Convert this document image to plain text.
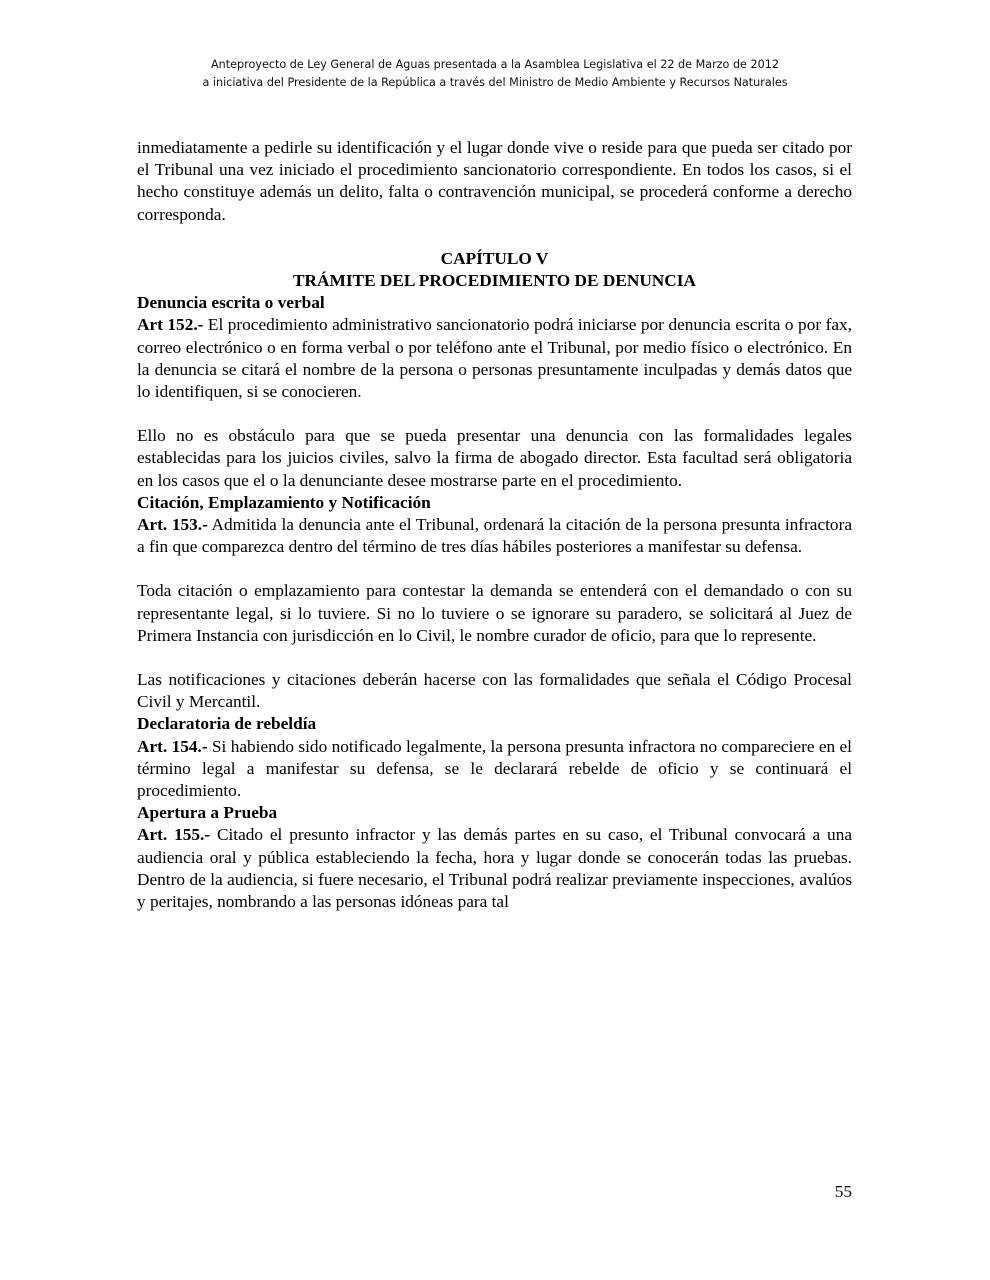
Anteproyecto de Ley General de Aguas presentada a la Asamblea Legislativa el 22 de Marzo de 2012
a iniciativa del Presidente de la República a través del Ministro de Medio Ambiente y Recursos Naturales

inmediatamente a pedirle su identificación y el lugar donde vive o reside para que pueda ser citado por el Tribunal una vez iniciado el procedimiento sancionatorio correspondiente. En todos los casos, si el hecho constituye además un delito, falta o contravención municipal, se procederá conforme a derecho corresponda.

CAPÍTULO V
TRÁMITE DEL PROCEDIMIENTO DE DENUNCIA

Denuncia escrita o verbal

Art 152.- El procedimiento administrativo sancionatorio podrá iniciarse por denuncia escrita o por fax, correo electrónico o en forma verbal o por teléfono ante el Tribunal, por medio físico o electrónico. En la denuncia se citará el nombre de la persona o personas presuntamente inculpadas y demás datos que lo identifiquen, si se conocieren.

Ello no es obstáculo para que se pueda presentar una denuncia con las formalidades legales establecidas para los juicios civiles, salvo la firma de abogado director. Esta facultad será obligatoria en los casos que el o la denunciante desee mostrarse parte en el procedimiento.

Citación, Emplazamiento y Notificación

Art. 153.- Admitida la denuncia ante el Tribunal, ordenará la citación de la persona presunta infractora a fin que comparezca dentro del término de tres días hábiles posteriores a manifestar su defensa.

Toda citación o emplazamiento para contestar la demanda se entenderá con el demandado o con su representante legal, si lo tuviere. Si no lo tuviere o se ignorare su paradero, se solicitará al Juez de Primera Instancia con jurisdicción en lo Civil, le nombre curador de oficio, para que lo represente.

Las notificaciones y citaciones deberán hacerse con las formalidades que señala el Código Procesal Civil y Mercantil.

Declaratoria de rebeldía

Art. 154.- Si habiendo sido notificado legalmente, la persona presunta infractora no compareciere en el término legal a manifestar su defensa, se le declarará rebelde de oficio y se continuará el procedimiento.

Apertura a Prueba

Art. 155.- Citado el presunto infractor y las demás partes en su caso, el Tribunal convocará a una audiencia oral y pública estableciendo la fecha, hora y lugar donde se conocerán todas las pruebas. Dentro de la audiencia, si fuere necesario, el Tribunal podrá realizar previamente inspecciones, avalúos y peritajes, nombrando a las personas idóneas para tal

55
